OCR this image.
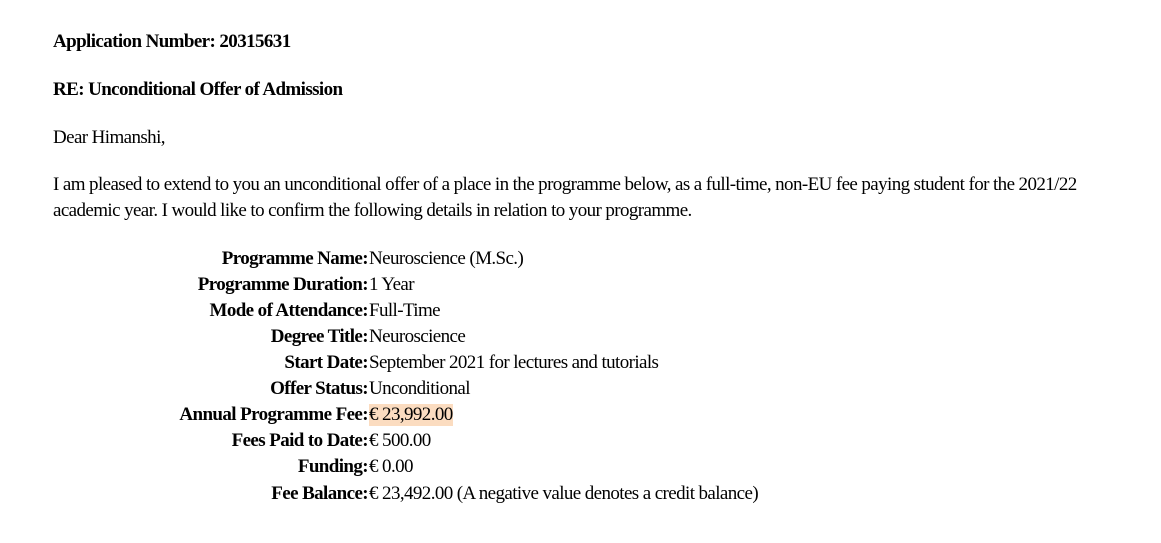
Application Number: 20315631
RE: Unconditional Offer of Admission
Dear Himanshi,
I am pleased to extend to you an unconditional offer of a place in the programme below, as a full-time, non-EU fee paying student for the 2021/22 academic year. I would like to confirm the following details in relation to your programme.
Programme Name: Neuroscience (M.Sc.)
Programme Duration: 1 Year
Mode of Attendance: Full-Time
Degree Title: Neuroscience
Start Date: September 2021 for lectures and tutorials
Offer Status: Unconditional
Annual Programme Fee: € 23,992.00
Fees Paid to Date: € 500.00
Funding: € 0.00
Fee Balance: € 23,492.00 (A negative value denotes a credit balance)
